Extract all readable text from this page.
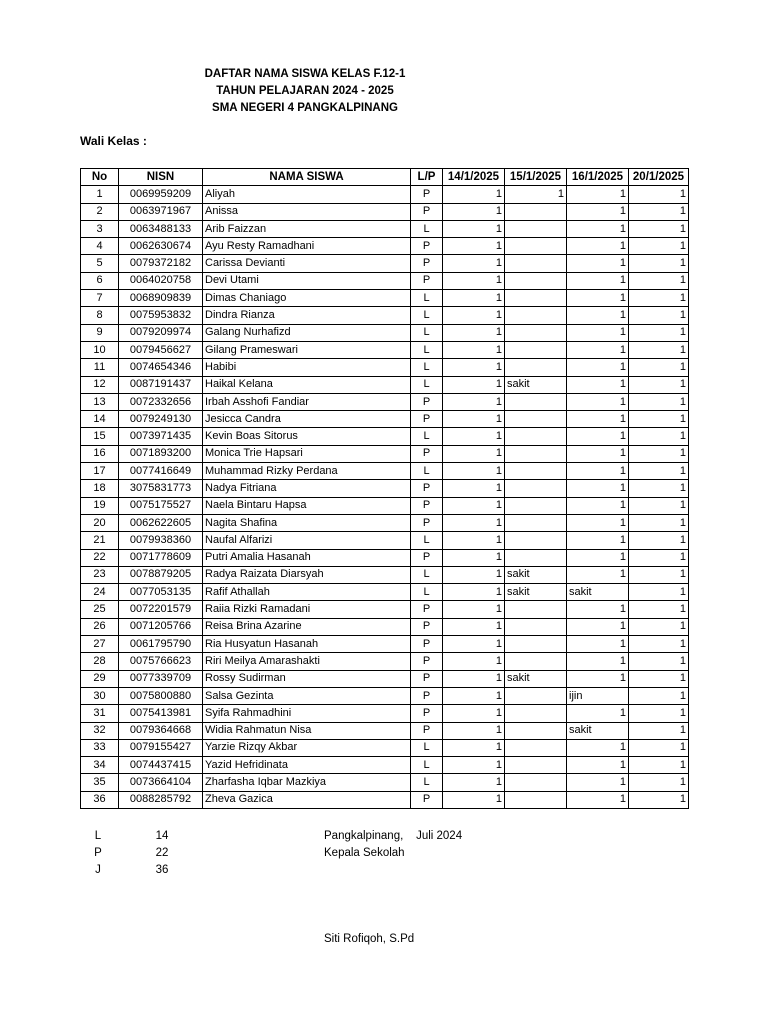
DAFTAR NAMA SISWA KELAS F.12-1
TAHUN PELAJARAN 2024 - 2025
SMA NEGERI 4 PANGKALPINANG
Wali Kelas :
No	NISN	NAMA SISWA	L/P	14/1/2025	15/1/2025	16/1/2025	20/1/2025
1	0069959209	Aliyah	P	1	1	1	1
2	0063971967	Anissa	P	1		1	1
3	0063488133	Arib Faizzan	L	1		1	1
4	0062630674	Ayu Resty Ramadhani	P	1		1	1
5	0079372182	Carissa Devianti	P	1		1	1
6	0064020758	Devi Utami	P	1		1	1
7	0068909839	Dimas Chaniago	L	1		1	1
8	0075953832	Dindra Rianza	L	1		1	1
9	0079209974	Galang Nurhafizd	L	1		1	1
10	0079456627	Gilang Prameswari	L	1		1	1
11	0074654346	Habibi	L	1		1	1
12	0087191437	Haikal Kelana	L	1	sakit	1	1
13	0072332656	Irbah Asshofi Fandiar	P	1		1	1
14	0079249130	Jesicca Candra	P	1		1	1
15	0073971435	Kevin Boas Sitorus	L	1		1	1
16	0071893200	Monica Trie Hapsari	P	1		1	1
17	0077416649	Muhammad Rizky Perdana	L	1		1	1
18	3075831773	Nadya Fitriana	P	1		1	1
19	0075175527	Naela Bintaru Hapsa	P	1		1	1
20	0062622605	Nagita Shafina	P	1		1	1
21	0079938360	Naufal Alfarizi	L	1		1	1
22	0071778609	Putri Amalia Hasanah	P	1		1	1
23	0078879205	Radya Raizata Diarsyah	L	1	sakit	1	1
24	0077053135	Rafif Athallah	L	1	sakit	sakit	1
25	0072201579	Raiia Rizki Ramadani	P	1		1	1
26	0071205766	Reisa Brina Azarine	P	1		1	1
27	0061795790	Ria Husyatun Hasanah	P	1		1	1
28	0075766623	Riri Meilya Amarashakti	P	1		1	1
29	0077339709	Rossy Sudirman	P	1	sakit	1	1
30	0075800880	Salsa Gezinta	P	1		ijin	1
31	0075413981	Syifa Rahmadhini	P	1		1	1
32	0079364668	Widia Rahmatun Nisa	P	1		sakit	1
33	0079155427	Yarzie Rizqy Akbar	L	1		1	1
34	0074437415	Yazid Hefridinata	L	1		1	1
35	0073664104	Zharfasha Iqbar Mazkiya	L	1		1	1
36	0088285792	Zheva Gazica	P	1		1	1
L	14
P	22
J	36
Pangkalpinang,    Juli 2024
Kepala Sekolah
Siti Rofiqoh, S.Pd
